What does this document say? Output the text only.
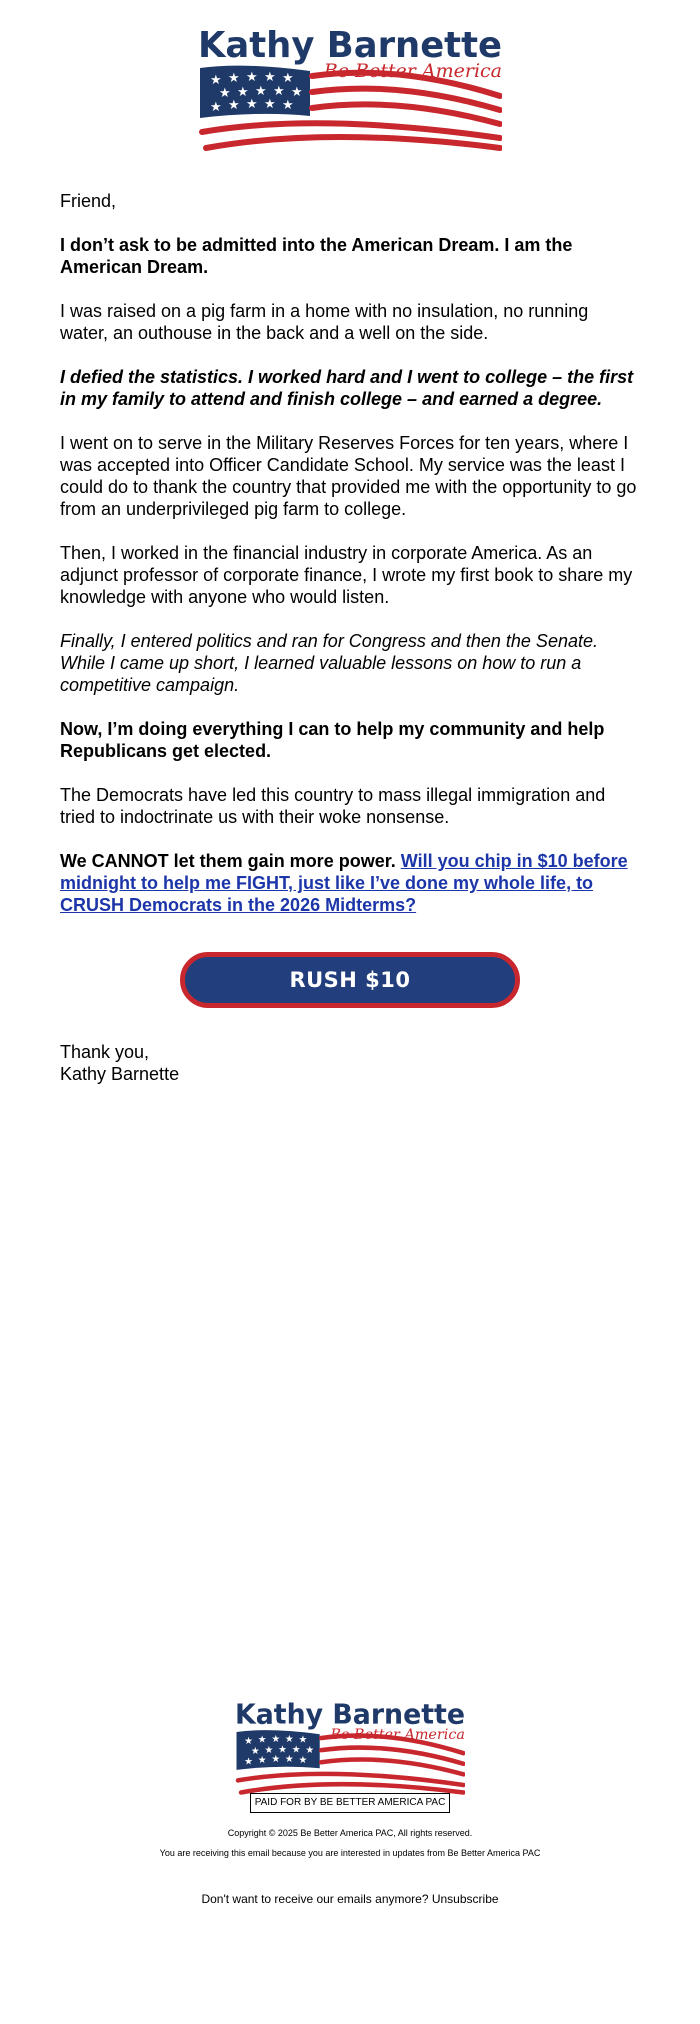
Kathy Barnette
Be Better America
★ ★ ★ ★ ★
★ ★ ★ ★ ★
★ ★ ★ ★ ★

Friend,

I don’t ask to be admitted into the American Dream. I am the American Dream.

I was raised on a pig farm in a home with no insulation, no running water, an outhouse in the back and a well on the side.

I defied the statistics. I worked hard and I went to college – the first in my family to attend and finish college – and earned a degree.

I went on to serve in the Military Reserves Forces for ten years, where I was accepted into Officer Candidate School. My service was the least I could do to thank the country that provided me with the opportunity to go from an underprivileged pig farm to college.

Then, I worked in the financial industry in corporate America. As an adjunct professor of corporate finance, I wrote my first book to share my knowledge with anyone who would listen.

Finally, I entered politics and ran for Congress and then the Senate. While I came up short, I learned valuable lessons on how to run a competitive campaign.

Now, I’m doing everything I can to help my community and help Republicans get elected.

The Democrats have led this country to mass illegal immigration and tried to indoctrinate us with their woke nonsense.

We CANNOT let them gain more power. Will you chip in $10 before midnight to help me FIGHT, just like I’ve done my whole life, to CRUSH Democrats in the 2026 Midterms?

RUSH $10
Thank you,
Kathy Barnette
Kathy Barnette
Be Better America
★ ★ ★ ★ ★
★ ★ ★ ★ ★
★ ★ ★ ★ ★
PAID FOR BY BE BETTER AMERICA PAC
Copyright © 2025 Be Better America PAC, All rights reserved.
You are receiving this email because you are interested in updates from Be Better America PAC
Don't want to receive our emails anymore? Unsubscribe
